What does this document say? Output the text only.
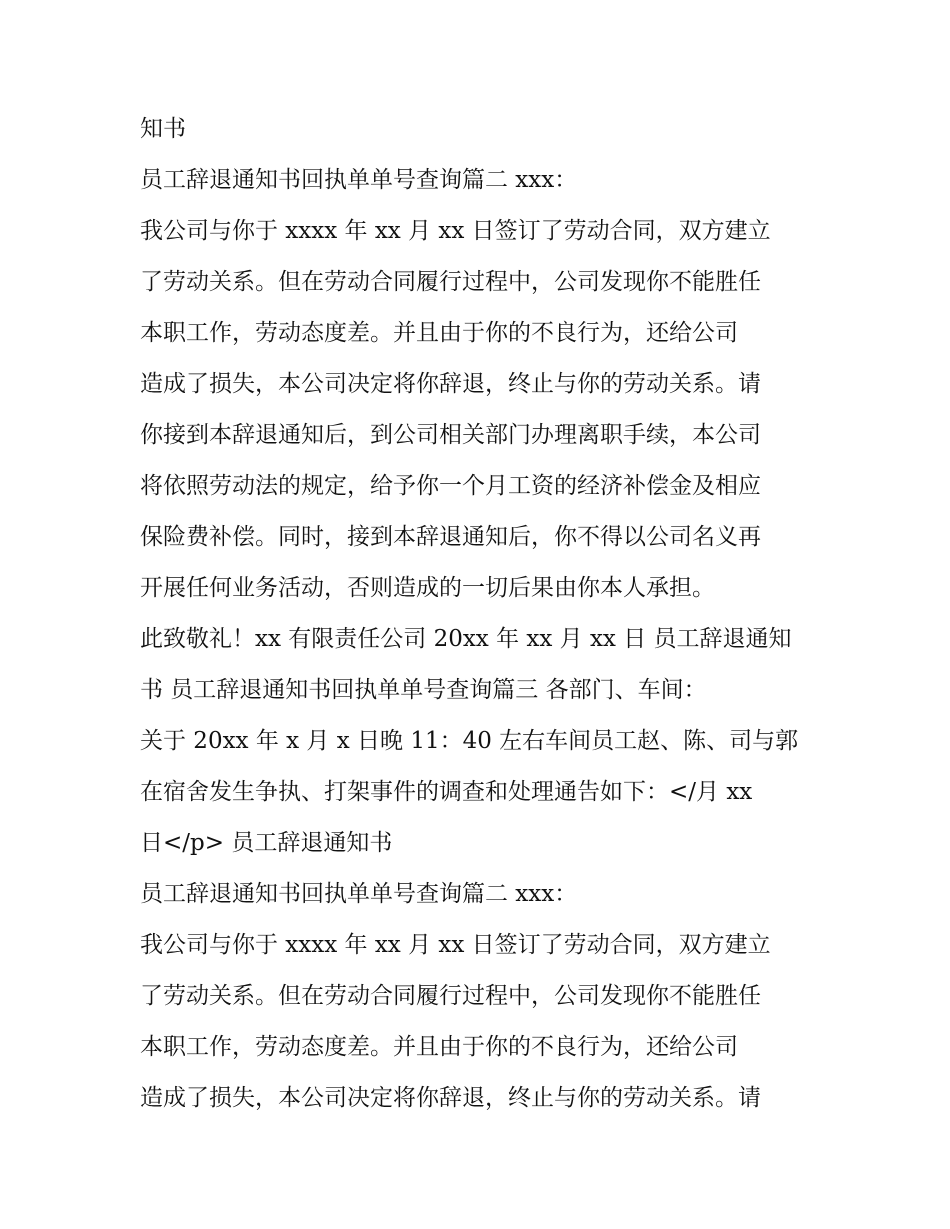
知书
员工辞退通知书回执单单号查询篇二 xxx：
我公司与你于 xxxx 年 xx 月 xx 日签订了劳动合同，双方建立
了劳动关系。但在劳动合同履行过程中，公司发现你不能胜任
本职工作，劳动态度差。并且由于你的不良行为，还给公司
造成了损失，本公司决定将你辞退，终止与你的劳动关系。请
你接到本辞退通知后，到公司相关部门办理离职手续，本公司
将依照劳动法的规定，给予你一个月工资的经济补偿金及相应
保险费补偿。同时，接到本辞退通知后，你不得以公司名义再
开展任何业务活动，否则造成的一切后果由你本人承担。
此致敬礼！xx 有限责任公司 20xx 年 xx 月 xx 日 员工辞退通知
书 员工辞退通知书回执单单号查询篇三 各部门、车间：
关于 20xx 年 x 月 x 日晚 11：40 左右车间员工赵、陈、司与郭
在宿舍发生争执、打架事件的调查和处理通告如下：</月 xx
日</p> 员工辞退通知书
员工辞退通知书回执单单号查询篇二 xxx：
我公司与你于 xxxx 年 xx 月 xx 日签订了劳动合同，双方建立
了劳动关系。但在劳动合同履行过程中，公司发现你不能胜任
本职工作，劳动态度差。并且由于你的不良行为，还给公司
造成了损失，本公司决定将你辞退，终止与你的劳动关系。请
